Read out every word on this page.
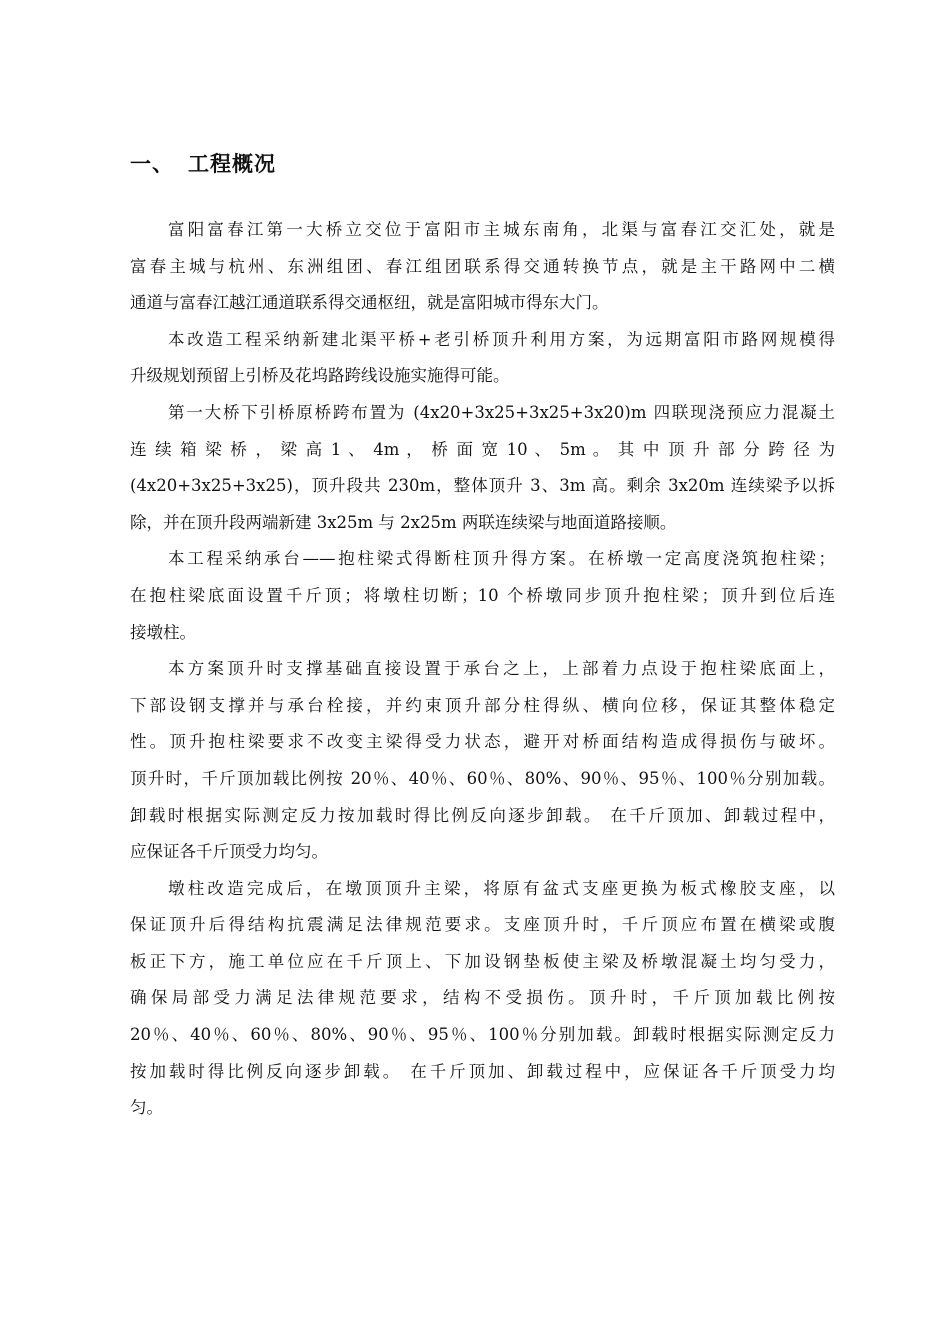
一、 工程概况
富阳富春江第一大桥立交位于富阳市主城东南角，北渠与富春江交汇处，就是
富春主城与杭州、东洲组团、春江组团联系得交通转换节点，就是主干路网中二横
通道与富春江越江通道联系得交通枢纽，就是富阳城市得东大门。
本改造工程采纳新建北渠平桥+老引桥顶升利用方案，为远期富阳市路网规模得
升级规划预留上引桥及花坞路跨线设施实施得可能。
第一大桥下引桥原桥跨布置为 (4x20+3x25+3x25+3x20)m 四联现浇预应力混凝土
连 续 箱 梁 桥 ， 梁 高 1 、 4m ， 桥 面 宽 10 、 5m 。 其 中 顶 升 部 分 跨 径 为
(4x20+3x25+3x25)，顶升段共 230m，整体顶升 3、3m 高。剩余 3x20m 连续梁予以拆
除，并在顶升段两端新建 3x25m 与 2x25m 两联连续梁与地面道路接顺。
本工程采纳承台——抱柱梁式得断柱顶升得方案。在桥墩一定高度浇筑抱柱梁；
在抱柱梁底面设置千斤顶；将墩柱切断；10 个桥墩同步顶升抱柱梁；顶升到位后连
接墩柱。
本方案顶升时支撑基础直接设置于承台之上，上部着力点设于抱柱梁底面上，
下部设钢支撑并与承台栓接，并约束顶升部分柱得纵、横向位移，保证其整体稳定
性。顶升抱柱梁要求不改变主梁得受力状态，避开对桥面结构造成得损伤与破坏。
顶升时，千斤顶加载比例按 20％、40％、60％、80%、90％、95％、100％分别加载。
卸载时根据实际测定反力按加载时得比例反向逐步卸载。 在千斤顶加、卸载过程中，
应保证各千斤顶受力均匀。
墩柱改造完成后，在墩顶顶升主梁，将原有盆式支座更换为板式橡胶支座，以
保证顶升后得结构抗震满足法律规范要求。支座顶升时，千斤顶应布置在横梁或腹
板正下方，施工单位应在千斤顶上、下加设钢垫板使主梁及桥墩混凝土均匀受力，
确保局部受力满足法律规范要求，结构不受损伤。顶升时，千斤顶加载比例按
20％、40％、60％、80%、90％、95％、100％分别加载。卸载时根据实际测定反力
按加载时得比例反向逐步卸载。 在千斤顶加、卸载过程中，应保证各千斤顶受力均
匀。
